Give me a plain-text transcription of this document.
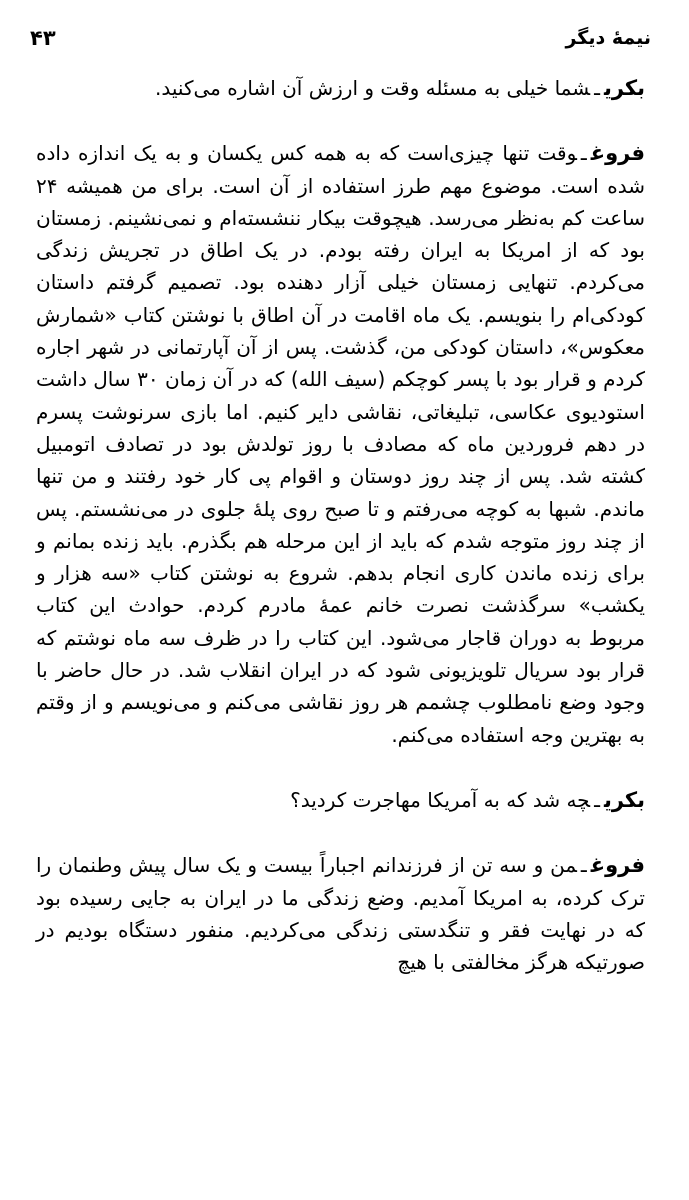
نیمهٔ دیگر
۴۳

بکریـشما خیلی به مسئله وقت و ارزش آن اشاره می‌کنید.

فروغـوقت تنها چیزی‌است که به همه کس یکسان و به یک اندازه داده شده است. موضوع مهم طرز استفاده از آن است. برای من همیشه ۲۴ ساعت کم به‌نظر می‌رسد. هیچوقت بیکار ننشسته‌ام و نمی‌نشینم. زمستان بود که از امریکا به ایران رفته بودم. در یک اطاق در تجریش زندگی می‌کردم. تنهایی زمستان خیلی آزار دهنده بود. تصمیم گرفتم داستان کودکی‌ام را بنویسم. یک ماه اقامت در آن اطاق با نوشتن کتاب «شمارش معکوس»، داستان کودکی من، گذشت. پس از آن آپارتمانی در شهر اجاره کردم و قرار بود با پسر کوچکم (سیف الله) که در آن زمان ۳۰ سال داشت استودیوی عکاسی، تبلیغاتی، نقاشی دایر کنیم. اما بازی سرنوشت پسرم در دهم فروردین ماه که مصادف با روز تولدش بود در تصادف اتومبیل کشته شد. پس از چند روز دوستان و اقوام پی کار خود رفتند و من تنها ماندم. شبها به کوچه می‌رفتم و تا صبح روی پلهٔ جلوی در می‌نشستم. پس از چند روز متوجه شدم که باید از این مرحله هم بگذرم. باید زنده بمانم و برای زنده ماندن کاری انجام بدهم. شروع به نوشتن کتاب «سه هزار و یکشب» سرگذشت نصرت خانم عمهٔ مادرم کردم. حوادث این کتاب مربوط به دوران قاجار می‌شود. این کتاب را در ظرف سه ماه نوشتم که قرار بود سریال تلویزیونی شود که در ایران انقلاب شد. در حال حاضر با وجود وضع نامطلوب چشمم هر روز نقاشی می‌کنم و می‌نویسم و از وقتم به بهترین وجه استفاده می‌کنم.

بکریـچه شد که به آمریکا مهاجرت کردید؟

فروغـمن و سه تن از فرزندانم اجباراً بیست و یک سال پیش وطنمان را ترک کرده، به امریکا آمدیم. وضع زندگی ما در ایران به جایی رسیده بود که در نهایت فقر و تنگدستی زندگی می‌کردیم. منفور دستگاه بودیم در صورتیکه هرگز مخالفتی با هیچ
